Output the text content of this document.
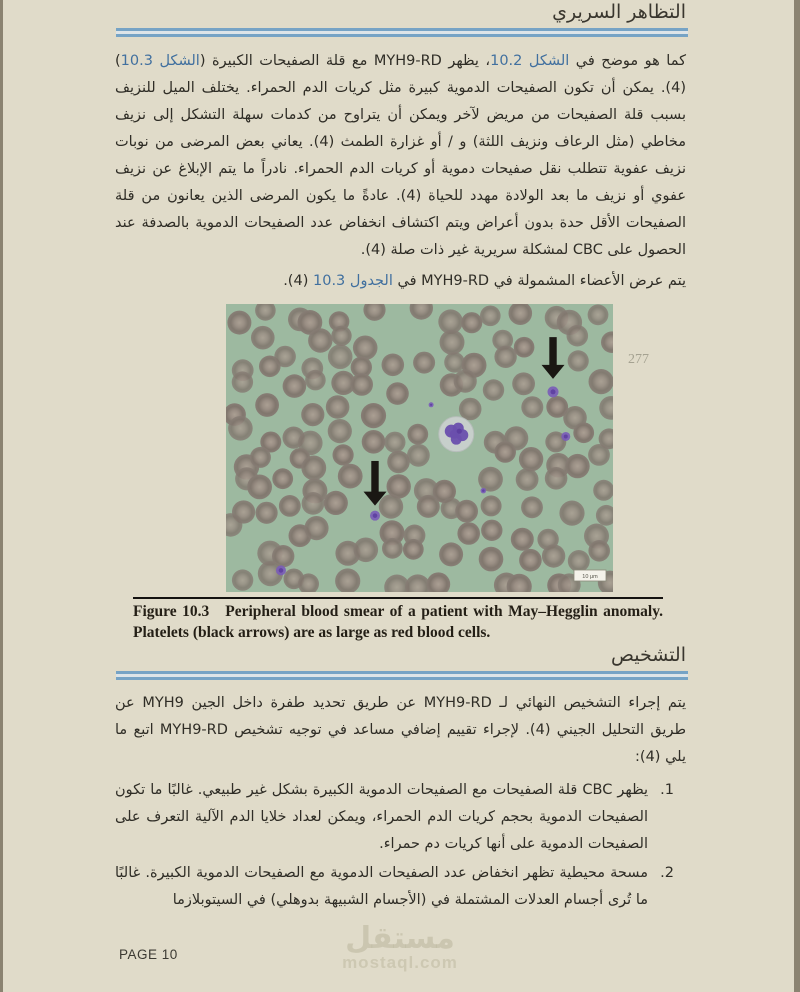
277
التظاهر السريري

كما هو موضح في الشكل 10.2، يظهر MYH9-RD مع قلة الصفيحات الكبيرة (الشكل 10.3) (4). يمكن أن تكون الصفيحات الدموية كبيرة مثل كريات الدم الحمراء. يختلف الميل للنزيف بسبب قلة الصفيحات من مريض لآخر ويمكن أن يتراوح من كدمات سهلة التشكل إلى نزيف مخاطي (مثل الرعاف ونزيف اللثة) و / أو غزارة الطمث (4). يعاني بعض المرضى من نوبات نزيف عفوية تتطلب نقل صفيحات دموية أو كريات الدم الحمراء. نادراً ما يتم الإبلاغ عن نزيف عفوي أو نزيف ما بعد الولادة مهدد للحياة (4). عادةً ما يكون المرضى الذين يعانون من قلة الصفيحات الأقل حدة بدون أعراض ويتم اكتشاف انخفاض عدد الصفيحات الدموية بالصدفة عند الحصول على CBC لمشكلة سريرية غير ذات صلة (4).

يتم عرض الأعضاء المشمولة في MYH9-RD في الجدول 10.3 (4).

10 μm
Figure 10.3 Peripheral blood smear of a patient with May–Hegglin anomaly. Platelets (black arrows) are as large as red blood cells.
التشخيص

يتم إجراء التشخيص النهائي لـ MYH9-RD عن طريق تحديد طفرة داخل الجين MYH9 عن طريق التحليل الجيني (4). لإجراء تقييم إضافي مساعد في توجيه تشخيص MYH9-RD اتبع ما يلي (4):

1.
يظهر CBC قلة الصفيحات مع الصفيحات الدموية الكبيرة بشكل غير طبيعي. غالبًا ما تكون الصفيحات الدموية بحجم كريات الدم الحمراء، ويمكن لعداد خلايا الدم الآلية التعرف على الصفيحات الدموية على أنها كريات دم حمراء.
2.
مسحة محيطية تظهر انخفاض عدد الصفيحات الدموية مع الصفيحات الدموية الكبيرة. غالبًا ما تُرى أجسام العدلات المشتملة في (الأجسام الشبيهة بدوهلي) في السيتوبلازما
مستقل
mostaql.com
PAGE 10
